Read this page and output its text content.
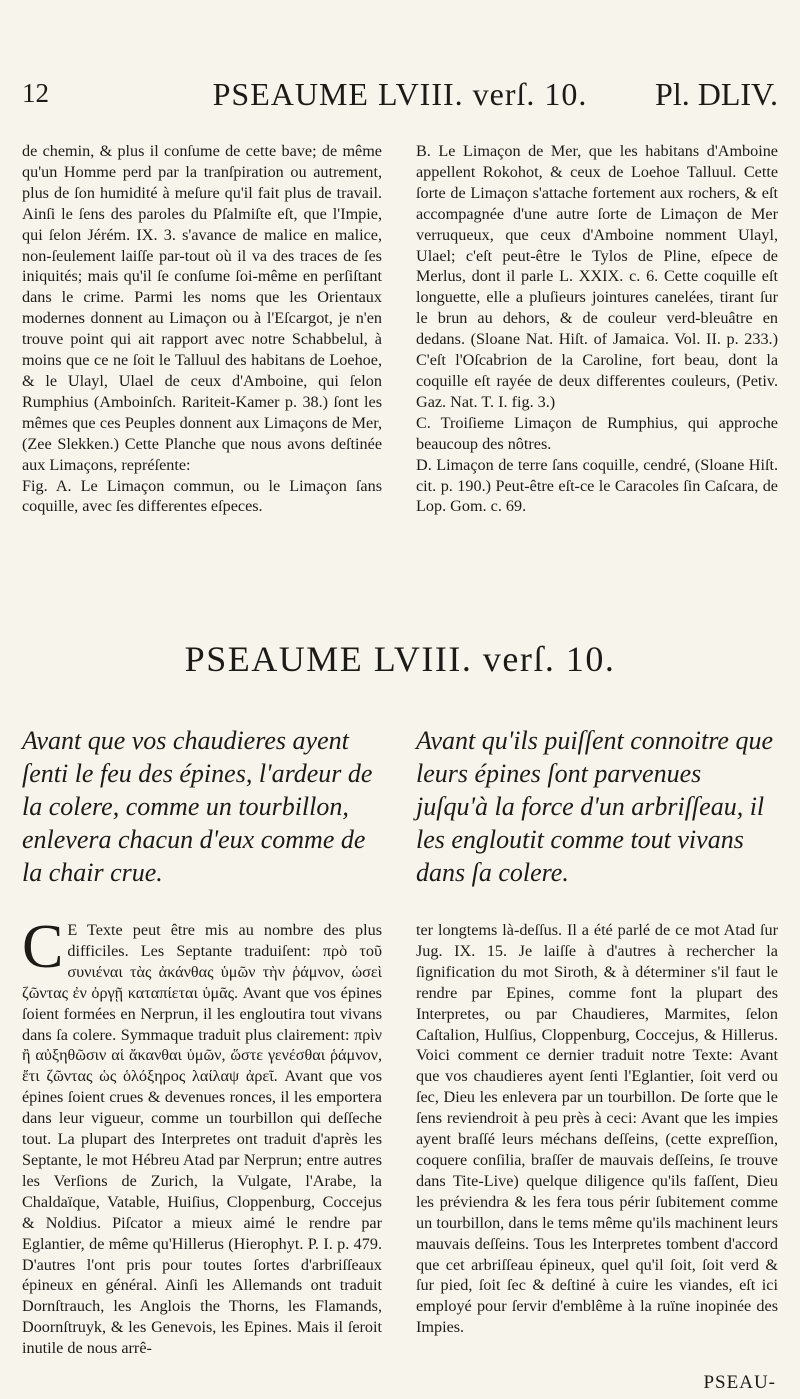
12	PSEAUME LVIII. verſ. 10.	Pl. DLIV.

de chemin, & plus il conſume de cette bave; de même qu'un Homme perd par la tranſpiration ou autrement, plus de ſon humidité à meſure qu'il fait plus de travail. Ainſi le ſens des paroles du Pſalmiſte eſt, que l'Impie, qui ſelon Jérém. IX. 3. s'avance de malice en malice, non-ſeulement laiſſe par-tout où il va des traces de ſes iniquités; mais qu'il ſe conſume ſoi-même en perſiſtant dans le crime. Parmi les noms que les Orientaux modernes donnent au Limaçon ou à l'Eſcargot, je n'en trouve point qui ait rapport avec notre Schabbelul, à moins que ce ne ſoit le Talluul des habitans de Loehoe, & le Ulayl, Ulael de ceux d'Amboine, qui ſelon Rumphius (Amboinſch. Rariteit-Kamer p. 38.) ſont les mêmes que ces Peuples donnent aux Limaçons de Mer, (Zee Slekken.) Cette Planche que nous avons deſtinée aux Limaçons, repréſente:

Fig. A. Le Limaçon commun, ou le Limaçon ſans coquille, avec ſes differentes eſpeces.

B. Le Limaçon de Mer, que les habitans d'Amboine appellent Rokohot, & ceux de Loehoe Talluul. Cette ſorte de Limaçon s'attache fortement aux rochers, & eſt accompagnée d'une autre ſorte de Limaçon de Mer verruqueux, que ceux d'Amboine nomment Ulayl, Ulael; c'eſt peut-être le Tylos de Pline, eſpece de Merlus, dont il parle L. XXIX. c. 6. Cette coquille eſt longuette, elle a pluſieurs jointures canelées, tirant ſur le brun au dehors, & de couleur verd-bleuâtre en dedans. (Sloane Nat. Hiſt. of Jamaica. Vol. II. p. 233.) C'eſt l'Oſcabrion de la Caroline, fort beau, dont la coquille eſt rayée de deux differentes couleurs, (Petiv. Gaz. Nat. T. I. fig. 3.)

C. Troiſieme Limaçon de Rumphius, qui approche beaucoup des nôtres.

D. Limaçon de terre ſans coquille, cendré, (Sloane Hiſt. cit. p. 190.) Peut-être eſt-ce le Caracoles ſin Caſcara, de Lop. Gom. c. 69.

PSEAUME LVIII. verſ. 10.
Avant que vos chaudieres ayent ſenti le feu des épines, l'ardeur de la colere, comme un tourbillon, enlevera chacun d'eux comme de la chair crue.
Avant qu'ils puiſſent connoitre que leurs épines ſont parvenues juſqu'à la force d'un arbriſſeau, il les engloutit comme tout vivans dans ſa colere.

C E Texte peut être mis au nombre des plus difficiles. Les Septante traduiſent: πρὸ τοῦ συνιέναι τὰς ἀκάνθας ὑμῶν τὴν ῥάμνον, ὡσεὶ ζῶντας ἐν ὀργῇ καταπίεται ὑμᾶς. Avant que vos épines ſoient formées en Nerprun, il les engloutira tout vivans dans ſa colere. Symmaque traduit plus clairement: πρὶν ἢ αὐξηθῶσιν αἱ ἄκανθαι ὑμῶν, ὥστε γενέσθαι ῥάμνον, ἔτι ζῶντας ὡς ὁλόξηρος λαίλαψ ἀρεῖ. Avant que vos épines ſoient crues & devenues ronces, il les emportera dans leur vigueur, comme un tourbillon qui deſſeche tout. La plupart des Interpretes ont traduit d'après les Septante, le mot Hébreu Atad par Nerprun; entre autres les Verſions de Zurich, la Vulgate, l'Arabe, la Chaldaïque, Vatable, Huiſius, Cloppenburg, Coccejus & Noldius. Piſcator a mieux aimé le rendre par Eglantier, de même qu'Hillerus (Hierophyt. P. I. p. 479. D'autres l'ont pris pour toutes ſortes d'arbriſſeaux épineux en général. Ainſi les Allemands ont traduit Dornſtrauch, les Anglois the Thorns, les Flamands, Doornſtruyk, & les Genevois, les Epines. Mais il ſeroit inutile de nous arrê-

ter longtems là-deſſus. Il a été parlé de ce mot Atad ſur Jug. IX. 15. Je laiſſe à d'autres à rechercher la ſignification du mot Siroth, & à déterminer s'il faut le rendre par Epines, comme font la plupart des Interpretes, ou par Chaudieres, Marmites, ſelon Caſtalion, Hulſius, Cloppenburg, Coccejus, & Hillerus. Voici comment ce dernier traduit notre Texte: Avant que vos chaudieres ayent ſenti l'Eglantier, ſoit verd ou ſec, Dieu les enlevera par un tourbillon. De ſorte que le ſens reviendroit à peu près à ceci: Avant que les impies ayent braſſé leurs méchans deſſeins, (cette expreſſion, coquere conſilia, braſſer de mauvais deſſeins, ſe trouve dans Tite-Live) quelque diligence qu'ils faſſent, Dieu les préviendra & les fera tous périr ſubitement comme un tourbillon, dans le tems même qu'ils machinent leurs mauvais deſſeins. Tous les Interpretes tombent d'accord que cet arbriſſeau épineux, quel qu'il ſoit, ſoit verd & ſur pied, ſoit ſec & deſtiné à cuire les viandes, eſt ici employé pour ſervir d'emblême à la ruïne inopinée des Impies.

PSEAU-
